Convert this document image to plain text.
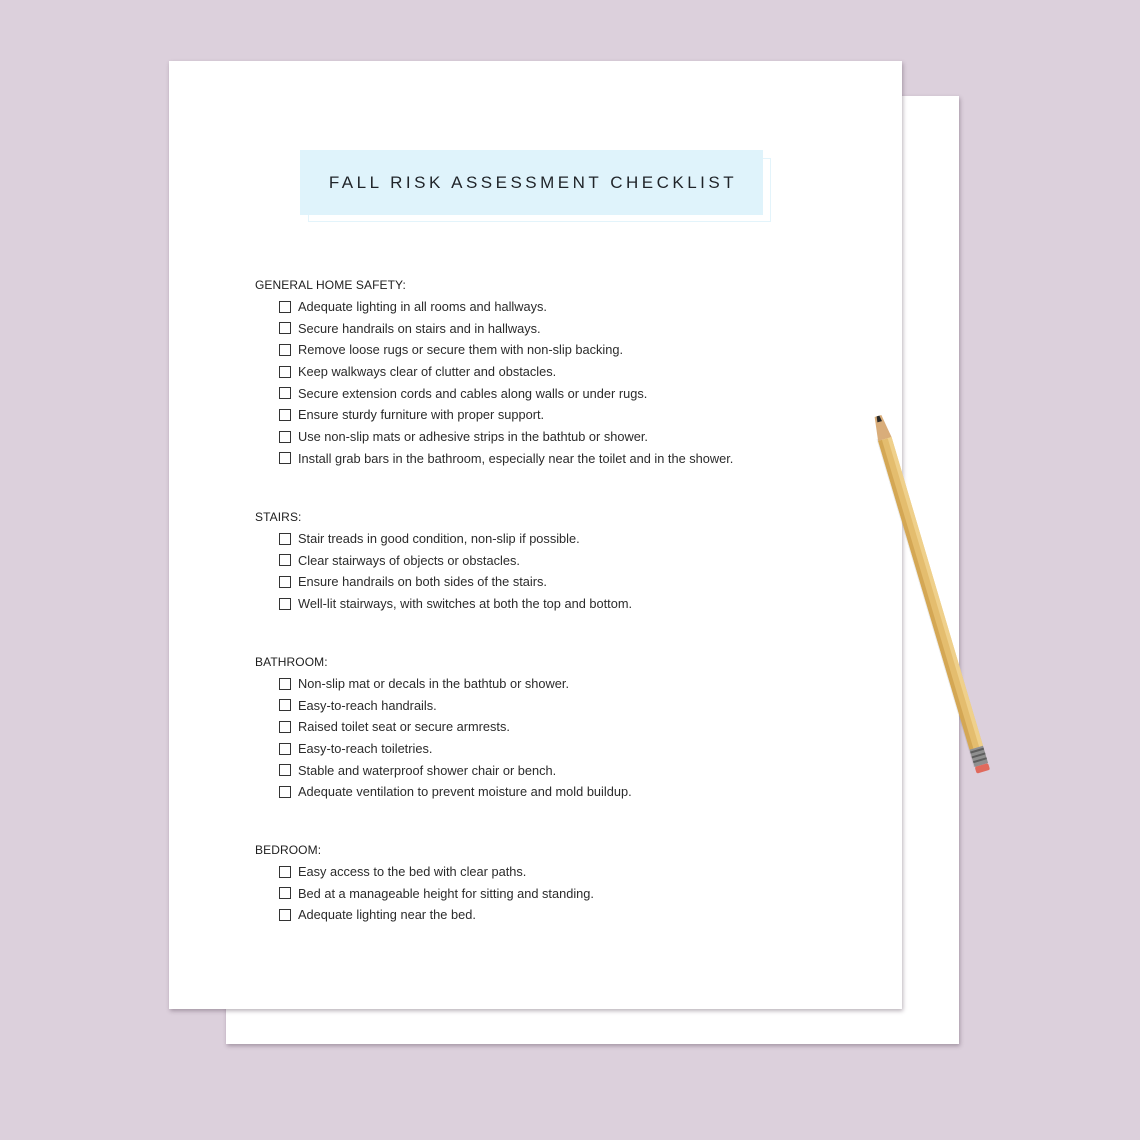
FALL RISK ASSESSMENT CHECKLIST
GENERAL HOME SAFETY:
Adequate lighting in all rooms and hallways.
Secure handrails on stairs and in hallways.
Remove loose rugs or secure them with non-slip backing.
Keep walkways clear of clutter and obstacles.
Secure extension cords and cables along walls or under rugs.
Ensure sturdy furniture with proper support.
Use non-slip mats or adhesive strips in the bathtub or shower.
Install grab bars in the bathroom, especially near the toilet and in the shower.
STAIRS:
Stair treads in good condition, non-slip if possible.
Clear stairways of objects or obstacles.
Ensure handrails on both sides of the stairs.
Well-lit stairways, with switches at both the top and bottom.
BATHROOM:
Non-slip mat or decals in the bathtub or shower.
Easy-to-reach handrails.
Raised toilet seat or secure armrests.
Easy-to-reach toiletries.
Stable and waterproof shower chair or bench.
Adequate ventilation to prevent moisture and mold buildup.
BEDROOM:
Easy access to the bed with clear paths.
Bed at a manageable height for sitting and standing.
Adequate lighting near the bed.
